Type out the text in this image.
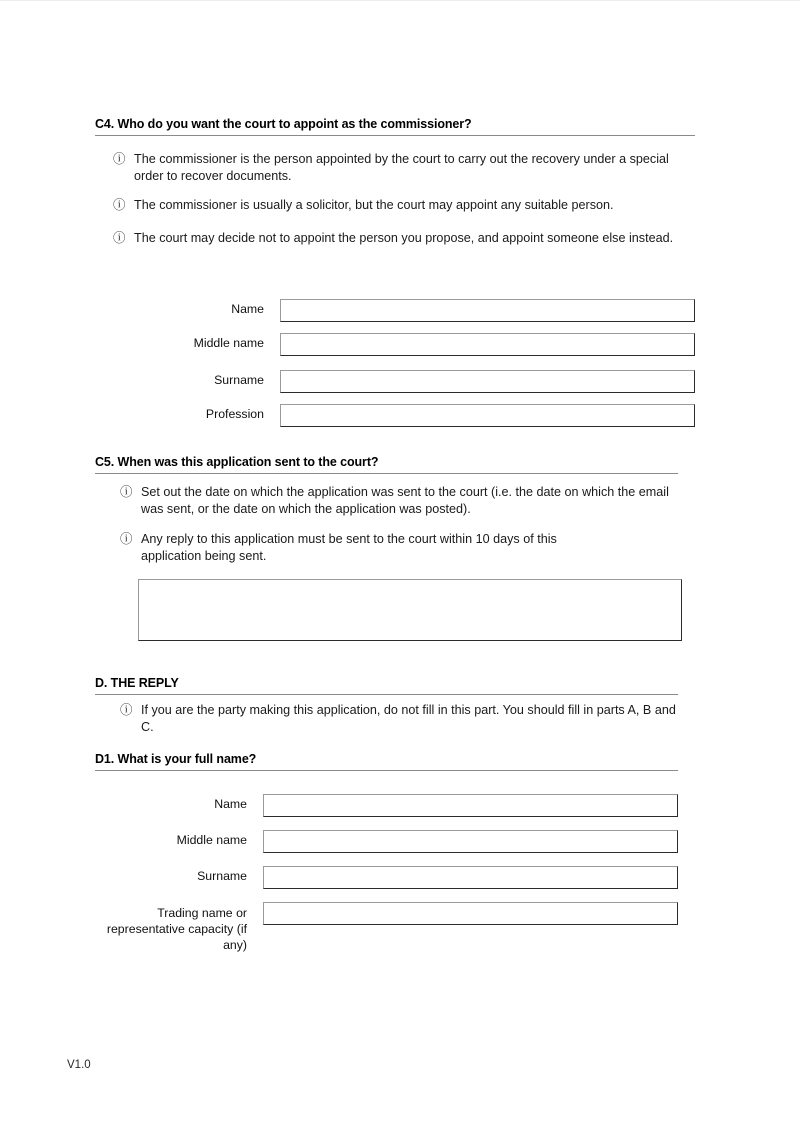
C4. Who do you want the court to appoint as the commissioner?
ⓘ The commissioner is the person appointed by the court to carry out the recovery under a special order to recover documents.
ⓘ The commissioner is usually a solicitor, but the court may appoint any suitable person.
ⓘ The court may decide not to appoint the person you propose, and appoint someone else instead.
Name
Middle name
Surname
Profession
C5. When was this application sent to the court?
ⓘ Set out the date on which the application was sent to the court (i.e. the date on which the email was sent, or the date on which the application was posted).
ⓘ Any reply to this application must be sent to the court within 10 days of this application being sent.
D. THE REPLY
ⓘ If you are the party making this application, do not fill in this part. You should fill in parts A, B and C.
D1. What is your full name?
Name
Middle name
Surname
Trading name or representative capacity (if any)
V1.0
